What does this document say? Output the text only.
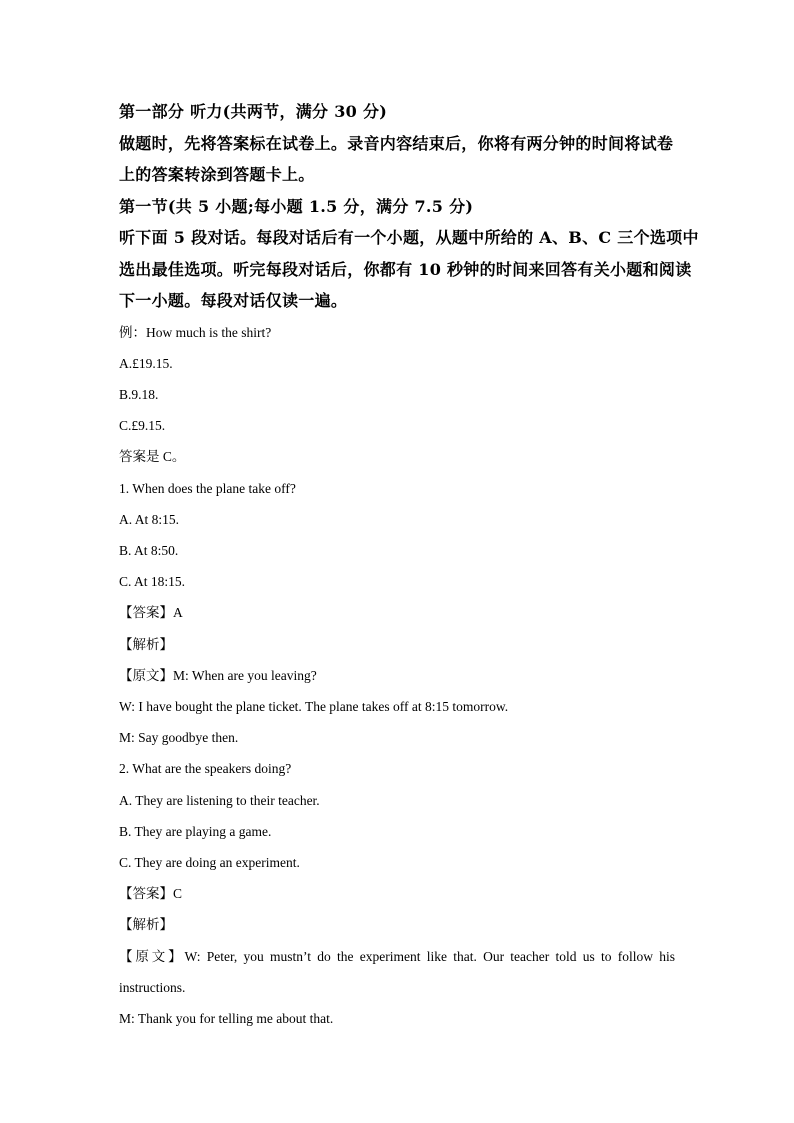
第一部分 听力(共两节，满分 30 分)
做题时，先将答案标在试卷上。录音内容结束后，你将有两分钟的时间将试卷
上的答案转涂到答题卡上。
第一节(共 5 小题;每小题 1.5 分，满分 7.5 分)
听下面 5 段对话。每段对话后有一个小题，从题中所给的 A、B、C 三个选项中
选出最佳选项。听完每段对话后，你都有 10 秒钟的时间来回答有关小题和阅读
下一小题。每段对话仅读一遍。
例：How much is the shirt?
A.£19.15.
B.9.18.
C.£9.15.
答案是 C。
1. When does the plane take off?
A. At 8:15.
B. At 8:50.
C. At 18:15.
【答案】A
【解析】
【原文】M: When are you leaving?
W: I have bought the plane ticket. The plane takes off at 8:15 tomorrow.
M: Say goodbye then.
2. What are the speakers doing?
A. They are listening to their teacher.
B. They are playing a game.
C. They are doing an experiment.
【答案】C
【解析】
【原文】W: Peter, you mustn’t do the experiment like that. Our teacher told us to follow his instructions.
M: Thank you for telling me about that.
